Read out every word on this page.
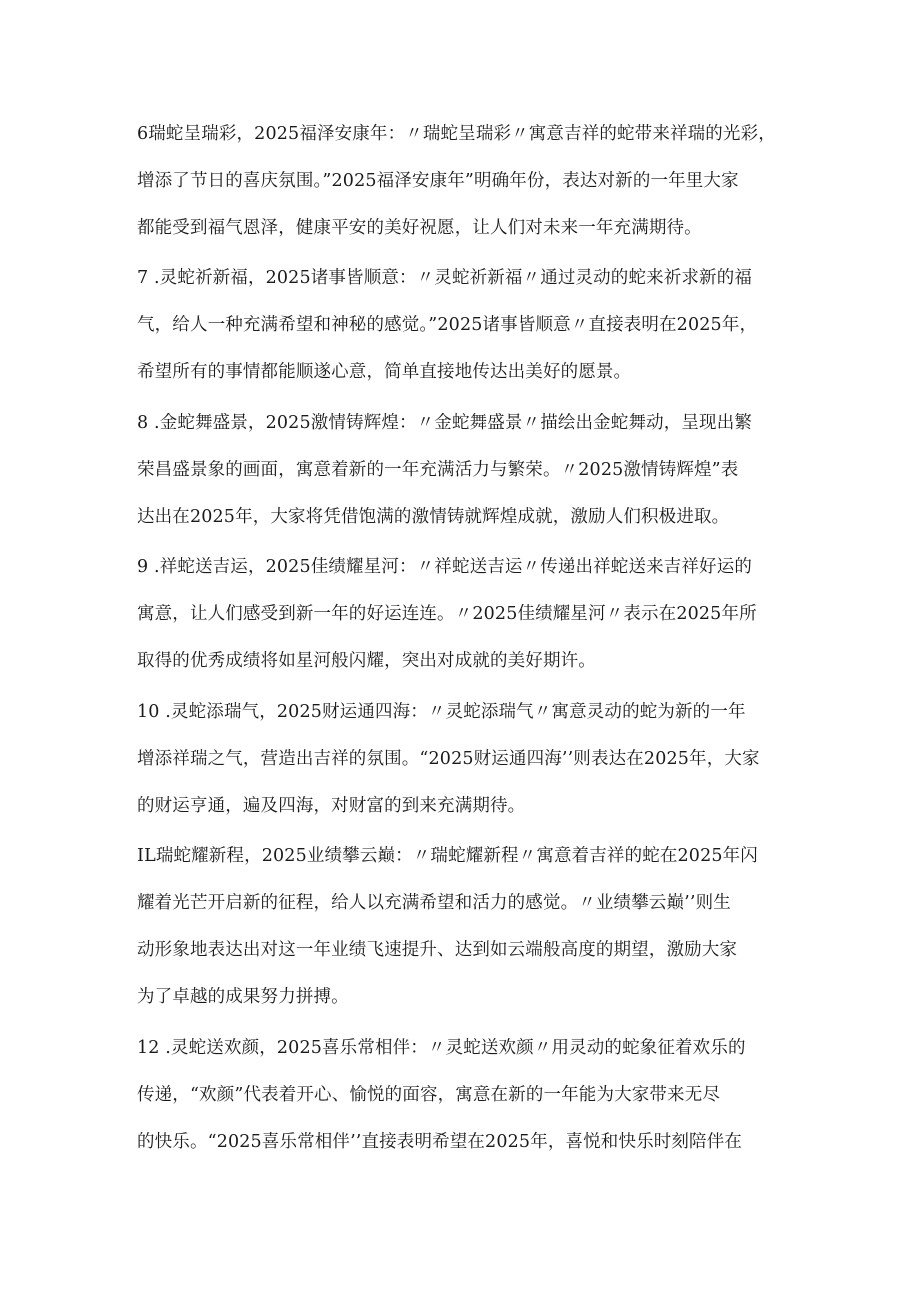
6瑞蛇呈瑞彩，2025福泽安康年：〃瑞蛇呈瑞彩〃寓意吉祥的蛇带来祥瑞的光彩，
增添了节日的喜庆氛围。”2025福泽安康年”明确年份，表达对新的一年里大家
都能受到福气恩泽，健康平安的美好祝愿，让人们对未来一年充满期待。
7 .灵蛇祈新福，2025诸事皆顺意：〃灵蛇祈新福〃通过灵动的蛇来祈求新的福
气，给人一种充满希望和神秘的感觉。”2025诸事皆顺意〃直接表明在2025年，
希望所有的事情都能顺遂心意，简单直接地传达出美好的愿景。
8 .金蛇舞盛景，2025激情铸辉煌：〃金蛇舞盛景〃描绘出金蛇舞动，呈现出繁
荣昌盛景象的画面，寓意着新的一年充满活力与繁荣。〃2025激情铸辉煌”表
达出在2025年，大家将凭借饱满的激情铸就辉煌成就，激励人们积极进取。
9 .祥蛇送吉运，2025佳绩耀星河：〃祥蛇送吉运〃传递出祥蛇送来吉祥好运的
寓意，让人们感受到新一年的好运连连。〃2025佳绩耀星河〃表示在2025年所
取得的优秀成绩将如星河般闪耀，突出对成就的美好期许。
10 .灵蛇添瑞气，2025财运通四海：〃灵蛇添瑞气〃寓意灵动的蛇为新的一年
增添祥瑞之气，营造出吉祥的氛围。“2025财运通四海’’则表达在2025年，大家
的财运亨通，遍及四海，对财富的到来充满期待。
IL瑞蛇耀新程，2025业绩攀云巅：〃瑞蛇耀新程〃寓意着吉祥的蛇在2025年闪
耀着光芒开启新的征程，给人以充满希望和活力的感觉。〃业绩攀云巅’’则生
动形象地表达出对这一年业绩飞速提升、达到如云端般高度的期望，激励大家
为了卓越的成果努力拼搏。
12 .灵蛇送欢颜，2025喜乐常相伴：〃灵蛇送欢颜〃用灵动的蛇象征着欢乐的
传递，“欢颜”代表着开心、愉悦的面容，寓意在新的一年能为大家带来无尽
的快乐。“2025喜乐常相伴’’直接表明希望在2025年，喜悦和快乐时刻陪伴在
